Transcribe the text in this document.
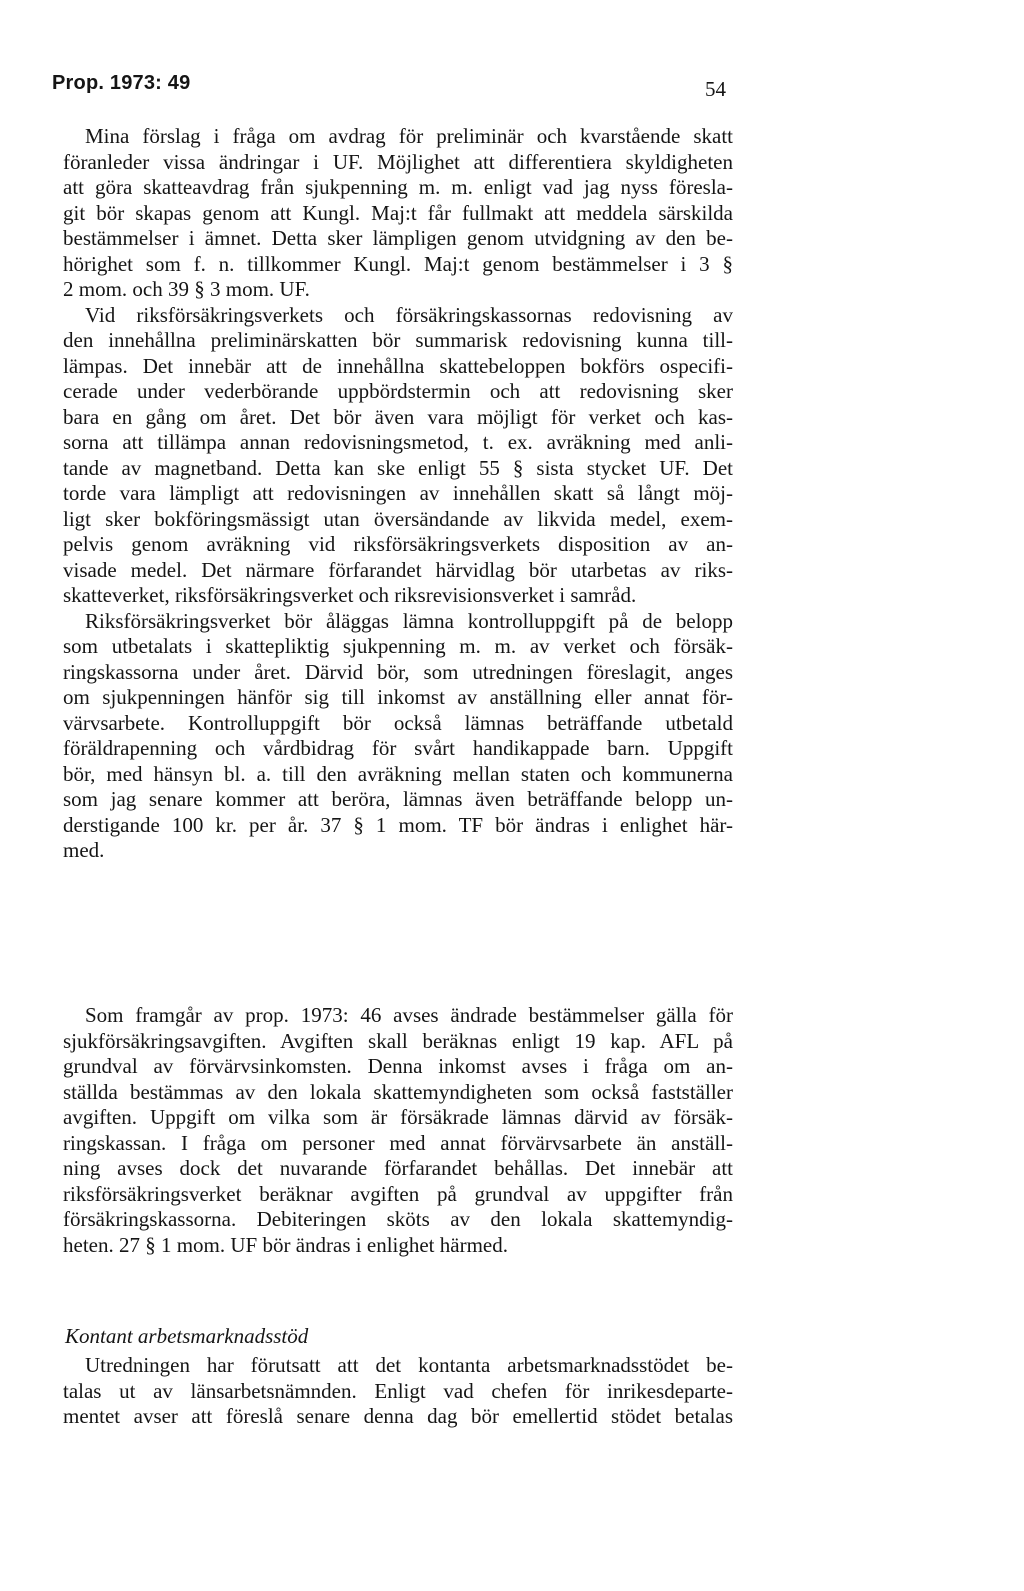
Prop. 1973: 49	54
Mina förslag i fråga om avdrag för preliminär och kvarstående skatt
föranleder vissa ändringar i UF. Möjlighet att differentiera skyldigheten
att göra skatteavdrag från sjukpenning m. m. enligt vad jag nyss föresla-
git bör skapas genom att Kungl. Maj:t får fullmakt att meddela särskilda
bestämmelser i ämnet. Detta sker lämpligen genom utvidgning av den be-
hörighet som f. n. tillkommer Kungl. Maj:t genom bestämmelser i 3 §
2 mom. och 39 § 3 mom. UF.
Vid riksförsäkringsverkets och försäkringskassornas redovisning av
den innehållna preliminärskatten bör summarisk redovisning kunna till-
lämpas. Det innebär att de innehållna skattebeloppen bokförs ospecifi-
cerade under vederbörande uppbördstermin och att redovisning sker
bara en gång om året. Det bör även vara möjligt för verket och kas-
sorna att tillämpa annan redovisningsmetod, t. ex. avräkning med anli-
tande av magnetband. Detta kan ske enligt 55 § sista stycket UF. Det
torde vara lämpligt att redovisningen av innehållen skatt så långt möj-
ligt sker bokföringsmässigt utan översändande av likvida medel, exem-
pelvis genom avräkning vid riksförsäkringsverkets disposition av an-
visade medel. Det närmare förfarandet härvidlag bör utarbetas av riks-
skatteverket, riksförsäkringsverket och riksrevisionsverket i samråd.
Riksförsäkringsverket bör åläggas lämna kontrolluppgift på de belopp
som utbetalats i skattepliktig sjukpenning m. m. av verket och försäk-
ringskassorna under året. Därvid bör, som utredningen föreslagit, anges
om sjukpenningen hänför sig till inkomst av anställning eller annat för-
värvsarbete. Kontrolluppgift bör också lämnas beträffande utbetald
föräldrapenning och vårdbidrag för svårt handikappade barn. Uppgift
bör, med hänsyn bl. a. till den avräkning mellan staten och kommunerna
som jag senare kommer att beröra, lämnas även beträffande belopp un-
derstigande 100 kr. per år. 37 § 1 mom. TF bör ändras i enlighet här-
med.
Som framgår av prop. 1973: 46 avses ändrade bestämmelser gälla för
sjukförsäkringsavgiften. Avgiften skall beräknas enligt 19 kap. AFL på
grundval av förvärvsinkomsten. Denna inkomst avses i fråga om an-
ställda bestämmas av den lokala skattemyndigheten som också fastställer
avgiften. Uppgift om vilka som är försäkrade lämnas därvid av försäk-
ringskassan. I fråga om personer med annat förvärvsarbete än anställ-
ning avses dock det nuvarande förfarandet behållas. Det innebär att
riksförsäkringsverket beräknar avgiften på grundval av uppgifter från
försäkringskassorna. Debiteringen sköts av den lokala skattemyndig-
heten. 27 § 1 mom. UF bör ändras i enlighet härmed.
Kontant arbetsmarknadsstöd
Utredningen har förutsatt att det kontanta arbetsmarknadsstödet be-
talas ut av länsarbetsnämnden. Enligt vad chefen för inrikesdeparte-
mentet avser att föreslå senare denna dag bör emellertid stödet betalas
